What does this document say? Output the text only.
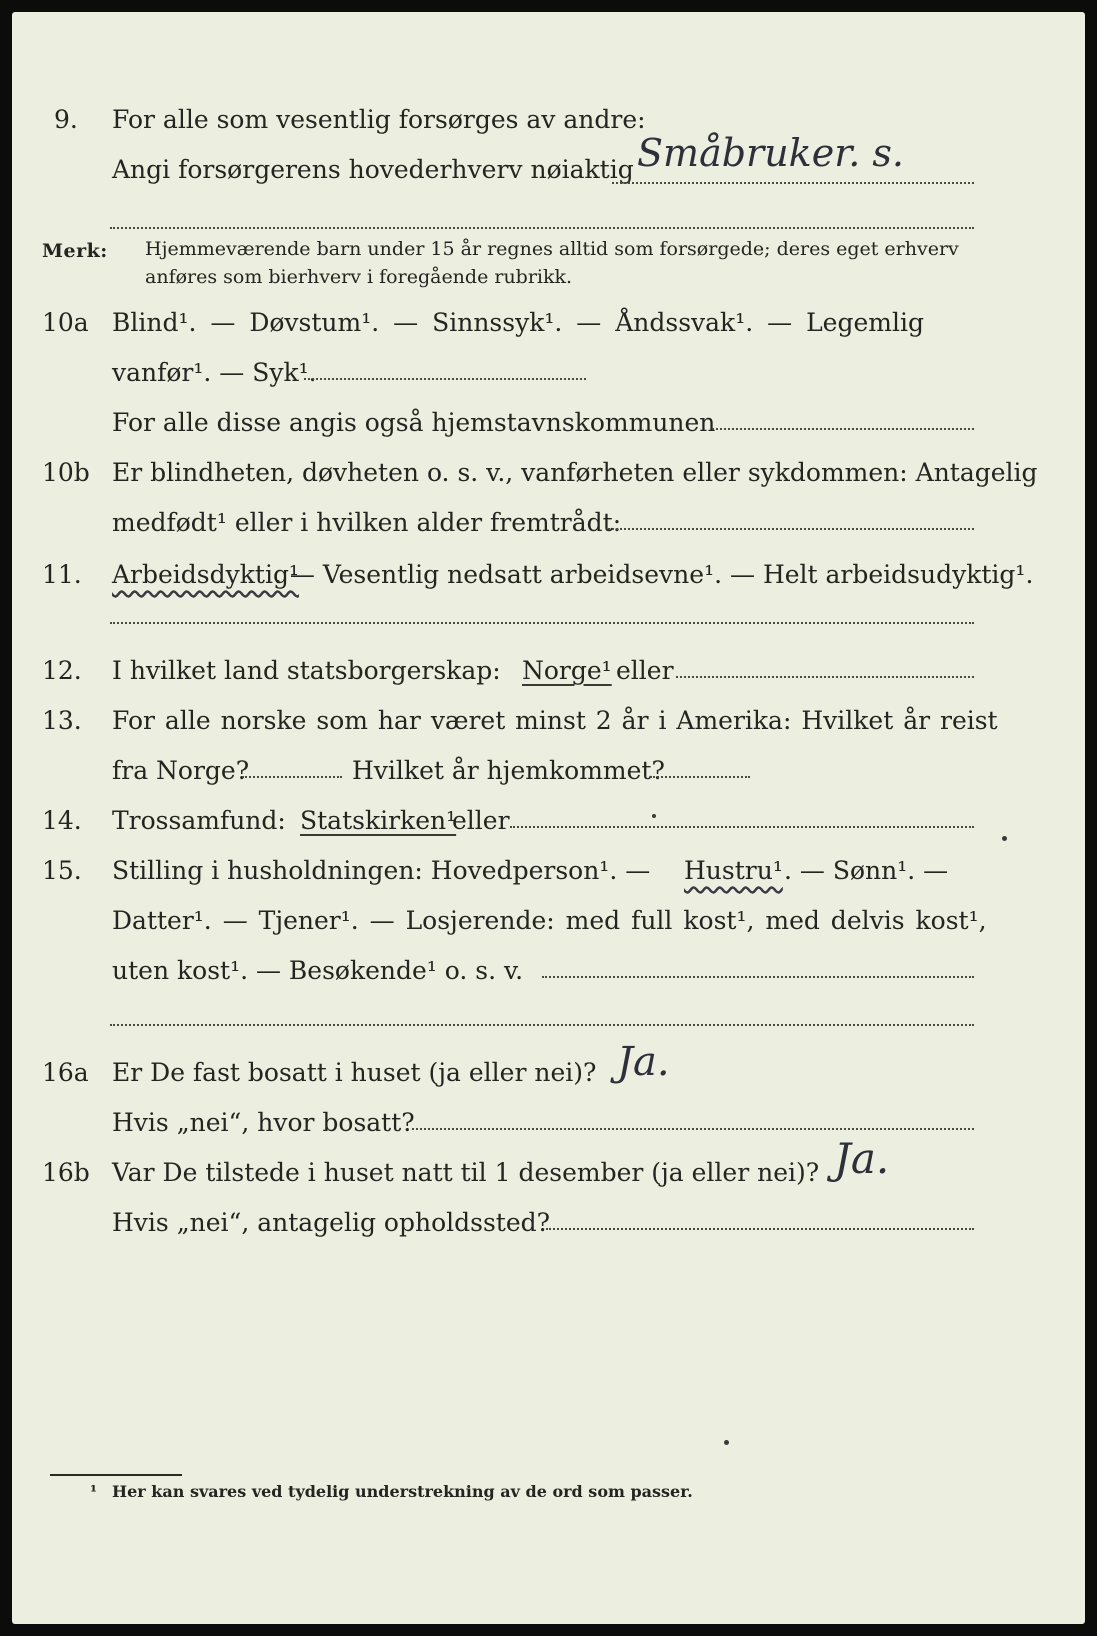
9. For alle som vesentlig forsørges av andre:
Angi forsørgerens hovederhverv nøiaktig Småbruker. s.
Merk: Hjemmeværende barn under 15 år regnes alltid som forsørgede; deres eget erhverv
anføres som bierhverv i foregående rubrikk.
10a Blind¹. — Døvstum¹. — Sinnssyk¹. — Åndssvak¹. — Legemlig
vanfør¹. — Syk¹.
For alle disse angis også hjemstavnskommunen
10b Er blindheten, døvheten o. s. v., vanførheten eller sykdommen: Antagelig
medfødt¹ eller i hvilken alder fremtrådt:
11. Arbeidsdyktig¹
. — Vesentlig nedsatt arbeidsevne¹. — Helt arbeidsudyktig¹.
12. I hvilket land statsborgerskap: Norge¹ eller
13. For alle norske som har været minst 2 år i Amerika: Hvilket år reist
fra Norge?	Hvilket år hjemkommet?
14. Trossamfund: Statskirken¹
eller
15. Stilling i husholdningen: Hovedperson¹. — Hustru¹ . — Sønn¹. —
Datter¹. — Tjener¹. — Losjerende: med full kost¹, med delvis kost¹,
uten kost¹. — Besøkende¹ o. s. v.
16a Er De fast bosatt i huset (ja eller nei)? Ja.
Hvis „nei“, hvor bosatt?
16b Var De tilstede i huset natt til 1 desember (ja eller nei)? Ja.
Hvis „nei“, antagelig opholdssted?
¹ Her kan svares ved tydelig understrekning av de ord som passer.
